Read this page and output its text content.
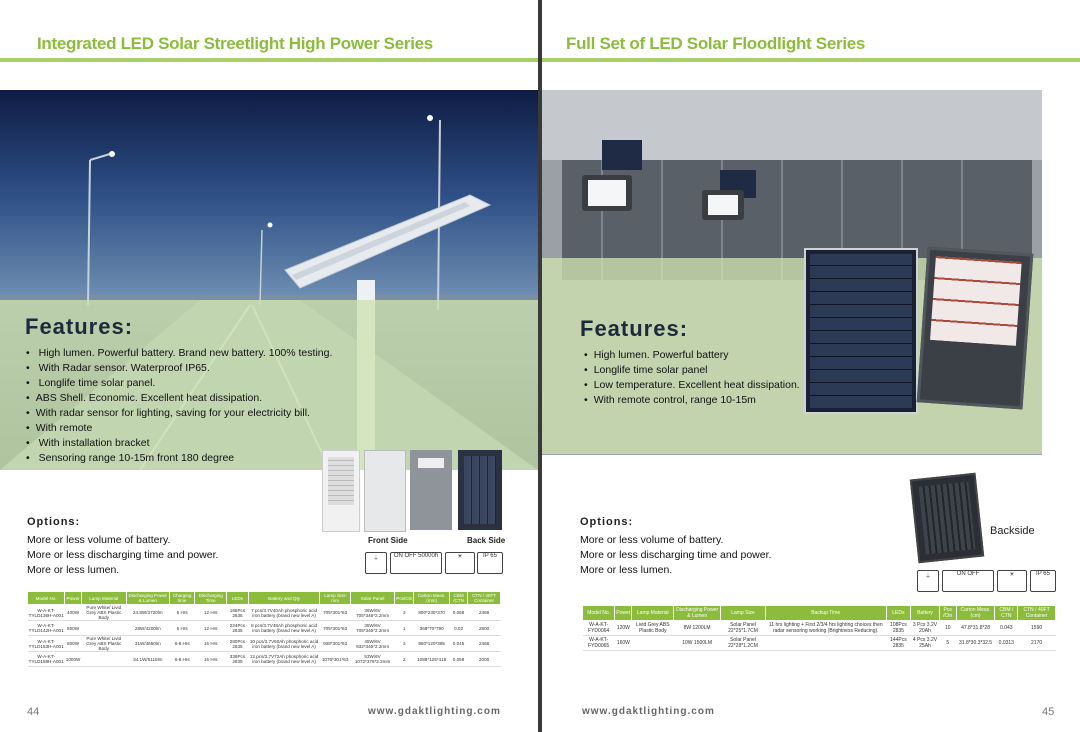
Integrated LED Solar Streetlight High Power Series
Features:
• High lumen. Powerful battery. Brand new battery. 100% testing.
• With Radar sensor. Waterproof IP65.
• Longlife time solar panel.
• ABS Shell. Economic. Excellent heat dissipation.
• With radar sensor for lighting, saving for your electricity bill.
• With remote
• With installation bracket
• Sensoring range 10-15m front 180 degree
Options:
More or less volume of battery.
More or less discharging time and power.
More or less lumen.
Front Side	Back Side
⏚	ON OFF 50000h	☀	IP 65
Model No.	Power	Lamp Material	Discharging Power & Lumen	Charging time	Discharging Time	LEDs	Battery and Qty	Lamp Size mm	Solar Panel	Pcs/Ctn	Carton Meas. (mm)	CBM /CTN	CTN / 40FT Container
W-A-KT-TYLD136H-A001	400W	Pure White/ Livid Grey ABS Plastic Body	24.8W/3720lm	6 Hrs	12 Hrs	168Pcs 2835	7 pcs/3.7V40Ah phosphoric acid iron battery (brand new level A)	705*301*63	36W/6V 705*346*2.2mm	3	800*230*370	0.068	2469
W-A-KT-TYLD142H-A001	500W		28W/4200lm	6 Hrs	12 Hrs	224Pcs 2835	8 pcs/3.7V48Ah phosphoric acid iron battery (brand new level A)	705*301*63	35W/6V 705*346*2.2mm	1	368*70*790	0.02	2800
W-A-KT-TYLD153H-A001	800W	Pure White/ Livid Grey ABS Plastic Body	31W/4650lm	6-8 Hrs	15 Hrs	280Pcs 2835	10 pcs/3.7V60Ah phosphoric acid iron battery (brand new level A)	938*301*63	45W/6V 932*346*2.2mm	3	950*120*385	0.045	2468
W-A-KT-TYLD159H-A001	1000W		34.1W/5115lm	6-8 Hrs	15 Hrs	336Pcs 2835	12 pcs/3.7V72Ah phosphoric acid iron battery (brand new level A)	1076*301*63	53W/6V 1072*376*2.2mm	2	1088*125*418	0.056	2000
www.gdaktlighting.com
44
Full Set of LED Solar Floodlight Series
Features:
• High lumen. Powerful battery
• Longlife time solar panel
• Low temperature. Excellent heat dissipation.
• With remote control, range 10-15m
Backside
Options:
More or less volume of battery.
More or less discharging time and power.
More or less lumen.
⏚	ON OFF	☀	IP 65
Model No.	Power	Lamp Material	Discharging Power & Lumen	Lamp Size	Backup Time	LEDs	Battery	Pcs /Ctn	Carton Meas.(cm)	CBM / CTN	CTN / 40FT Container
W-A-KT-FYD0064	120W	Livid Grey ABS Plastic Body	8W 1200LM	Solar Panel 22*25*1.7CM	11 hrs lighting + First 2/3/4 hrs lighting choices then radar sensoring working (Brightness Reducing).	108Pcs 2835	3 Pcs 3.2V 20Ah	10	47.8*31.8*28	0.043	1590
W-A-KT-FYD0065	160W		10W 1500LM	Solar Panel 22*28*1.2CM		144Pcs 2835	4 Pcs 3.2V 25Ah	5	31.8*30.3*32.5	0.0313	2170
www.gdaktlighting.com	45
